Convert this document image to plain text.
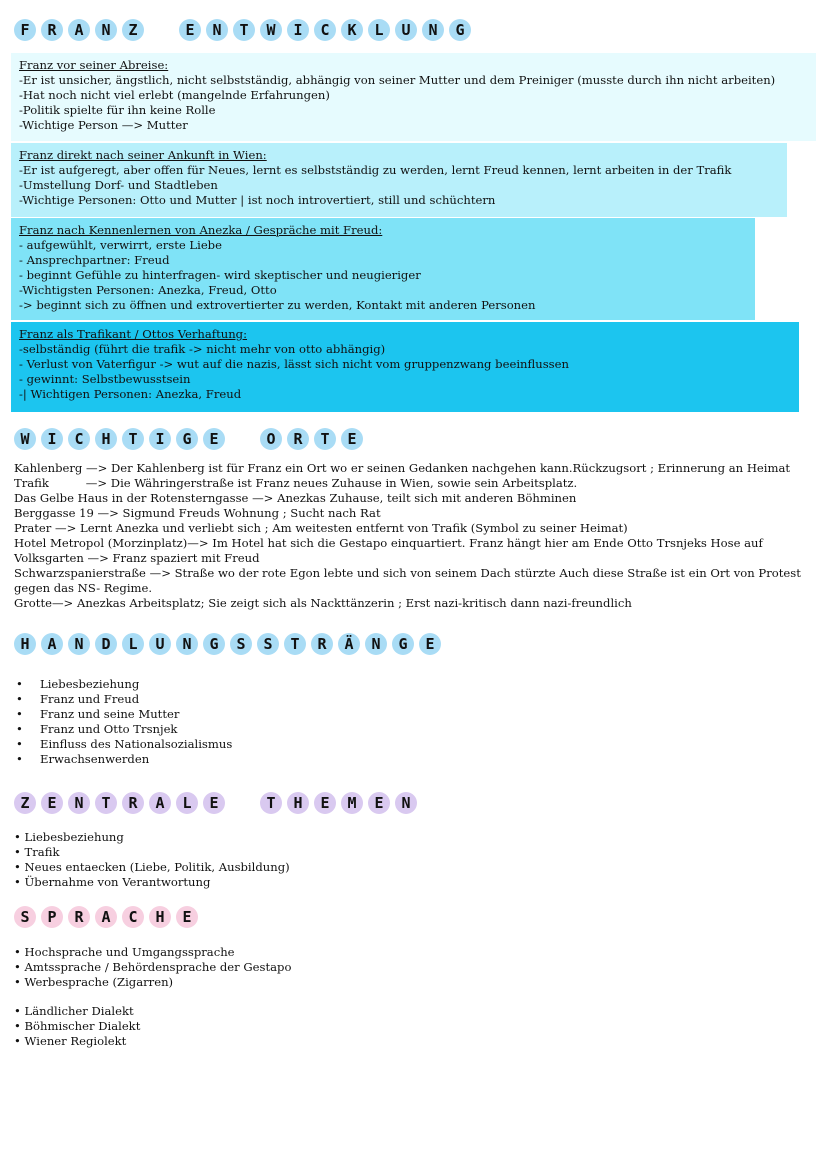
F	R	A	N	Z	E	N	T	W	I	C	K	L	U	N	G

Franz vor seiner Abreise:

-Er ist unsicher, ängstlich, nicht selbstständig, abhängig von seiner Mutter und dem Preiniger (musste durch ihn nicht arbeiten)

-Hat noch nicht viel erlebt (mangelnde Erfahrungen)

-Politik spielte für ihn keine Rolle

-Wichtige Person —> Mutter

Franz direkt nach seiner Ankunft in Wien:

-Er ist aufgeregt, aber offen für Neues, lernt es selbstständig zu werden, lernt Freud kennen, lernt arbeiten in der Trafik

-Umstellung Dorf- und Stadtleben

-Wichtige Personen: Otto und Mutter | ist noch introvertiert, still und schüchtern

Franz nach Kennenlernen von Anezka / Gespräche mit Freud:

- aufgewühlt, verwirrt, erste Liebe

- Ansprechpartner: Freud

- beginnt Gefühle zu hinterfragen- wird skeptischer und neugieriger

-Wichtigsten Personen: Anezka, Freud, Otto

-> beginnt sich zu öffnen und extrovertierter zu werden, Kontakt mit anderen Personen

Franz als Trafikant / Ottos Verhaftung:

-selbständig (führt die trafik -> nicht mehr von otto abhängig)

- Verlust von Vaterfigur -> wut auf die nazis, lässt sich nicht vom gruppenzwang beeinflussen

- gewinnt: Selbstbewusstsein

-| Wichtigen Personen: Anezka, Freud

W	I	C	H	T	I	G	E	O	R	T	E

Kahlenberg —> Der Kahlenberg ist für Franz ein Ort wo er seinen Gedanken nachgehen kann.Rückzugsort ; Erinnerung an Heimat

Trafik          —> Die Währingerstraße ist Franz neues Zuhause in Wien, sowie sein Arbeitsplatz.

Das Gelbe Haus in der Rotensterngasse —> Anezkas Zuhause, teilt sich mit anderen Böhminen

Berggasse 19 —> Sigmund Freuds Wohnung ; Sucht nach Rat

Prater —> Lernt Anezka und verliebt sich ; Am weitesten entfernt von Trafik (Symbol zu seiner Heimat)

Hotel Metropol (Morzinplatz)—> Im Hotel hat sich die Gestapo einquartiert. Franz hängt hier am Ende Otto Trsnjeks Hose auf

Volksgarten —> Franz spaziert mit Freud

Schwarzspanierstraße —> Straße wo der rote Egon lebte und sich von seinem Dach stürzte Auch diese Straße ist ein Ort von Protest gegen das NS- Regime.

Grotte—> Anezkas Arbeitsplatz; Sie zeigt sich als Nackttänzerin ; Erst nazi-kritisch dann nazi-freundlich

H	A	N	D	L	U	N	G	S	S	T	R	Ä	N	G	E
• Liebesbeziehung
• Franz und Freud
• Franz und seine Mutter
• Franz und Otto Trsnjek
• Einfluss des Nationalsozialismus
• Erwachsenwerden
Z	E	N	T	R	A	L	E	T	H	E	M	E	N
• Liebesbeziehung
• Trafik
• Neues entaecken (Liebe, Politik, Ausbildung)
• Übernahme von Verantwortung
S	P	R	A	C	H	E
• Hochsprache und Umgangssprache
• Amtssprache / Behördensprache der Gestapo
• Werbesprache (Zigarren)
• Ländlicher Dialekt
• Böhmischer Dialekt
• Wiener Regiolekt
